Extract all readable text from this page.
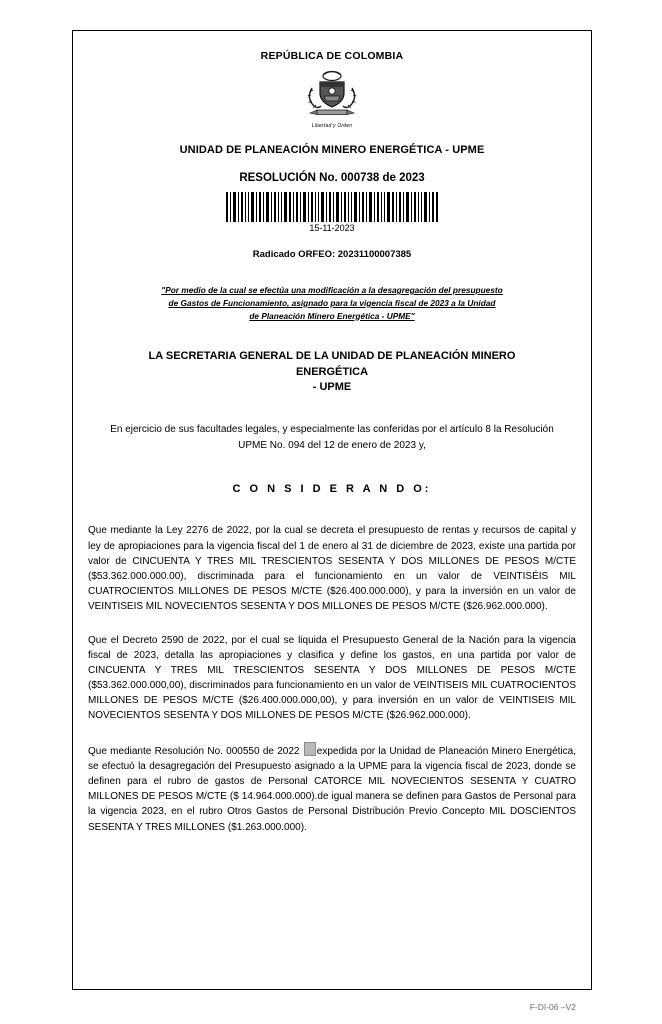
REPÚBLICA DE COLOMBIA
Libertad y Orden
UNIDAD DE PLANEACIÓN MINERO ENERGÉTICA - UPME
RESOLUCIÓN No. 000738 de 2023
15-11-2023
Radicado ORFEO: 20231100007385
"Por medio de la cual se efectúa una modificación a la desagregación del presupuesto
de Gastos de Funcionamiento, asignado para la vigencia fiscal de 2023 a la Unidad
de Planeación Minero Energética - UPME"
LA SECRETARIA GENERAL DE LA UNIDAD DE PLANEACIÓN MINERO
ENERGÉTICA
- UPME
En ejercicio de sus facultades legales, y especialmente las conferidas por el artículo 8 la Resolución UPME No. 094 del 12 de enero de 2023 y,
C O N S I D E R A N D O:
Que mediante la Ley 2276 de 2022, por la cual se decreta el presupuesto de rentas y recursos de capital y ley de apropiaciones para la vigencia fiscal del 1 de enero al 31 de diciembre de 2023, existe una partida por valor de CINCUENTA Y TRES MIL TRESCIENTOS SESENTA Y DOS MILLONES DE PESOS M/CTE ($53.362.000.000.00), discriminada para el funcionamiento en un valor de VEINTISÉIS MIL CUATROCIENTOS MILLONES DE PESOS M/CTE ($26.400.000.000), y para la inversión en un valor de VEINTISEIS MIL NOVECIENTOS SESENTA Y DOS MILLONES DE PESOS M/CTE ($26.962.000.000).
Que el Decreto 2590 de 2022, por el cual se liquida el Presupuesto General de la Nación para la vigencia fiscal de 2023, detalla las apropiaciones y clasifica y define los gastos, en una partida por valor de CINCUENTA Y TRES MIL TRESCIENTOS SESENTA Y DOS MILLONES DE PESOS M/CTE ($53.362.000.000,00), discriminados para funcionamiento en un valor de VEINTISEIS MIL CUATROCIENTOS MILLONES DE PESOS M/CTE ($26.400.000.000,00), y para inversión en un valor de VEINTISEIS MIL NOVECIENTOS SESENTA Y DOS MILLONES DE PESOS M/CTE ($26.962.000.000).
Que mediante Resolución No. 000550 de 2022 expedida por la Unidad de Planeación Minero Energética, se efectuó la desagregación del Presupuesto asignado a la UPME para la vigencia fiscal de 2023, donde se definen para el rubro de gastos de Personal CATORCE MIL NOVECIENTOS SESENTA Y CUATRO MILLONES DE PESOS M/CTE ($ 14.964.000.000).de igual manera se definen para Gastos de Personal para la vigencia 2023, en el rubro Otros Gastos de Personal Distribución Previo Concepto MIL DOSCIENTOS SESENTA Y TRES MILLONES ($1.263.000.000).
F-DI-06 –V2
